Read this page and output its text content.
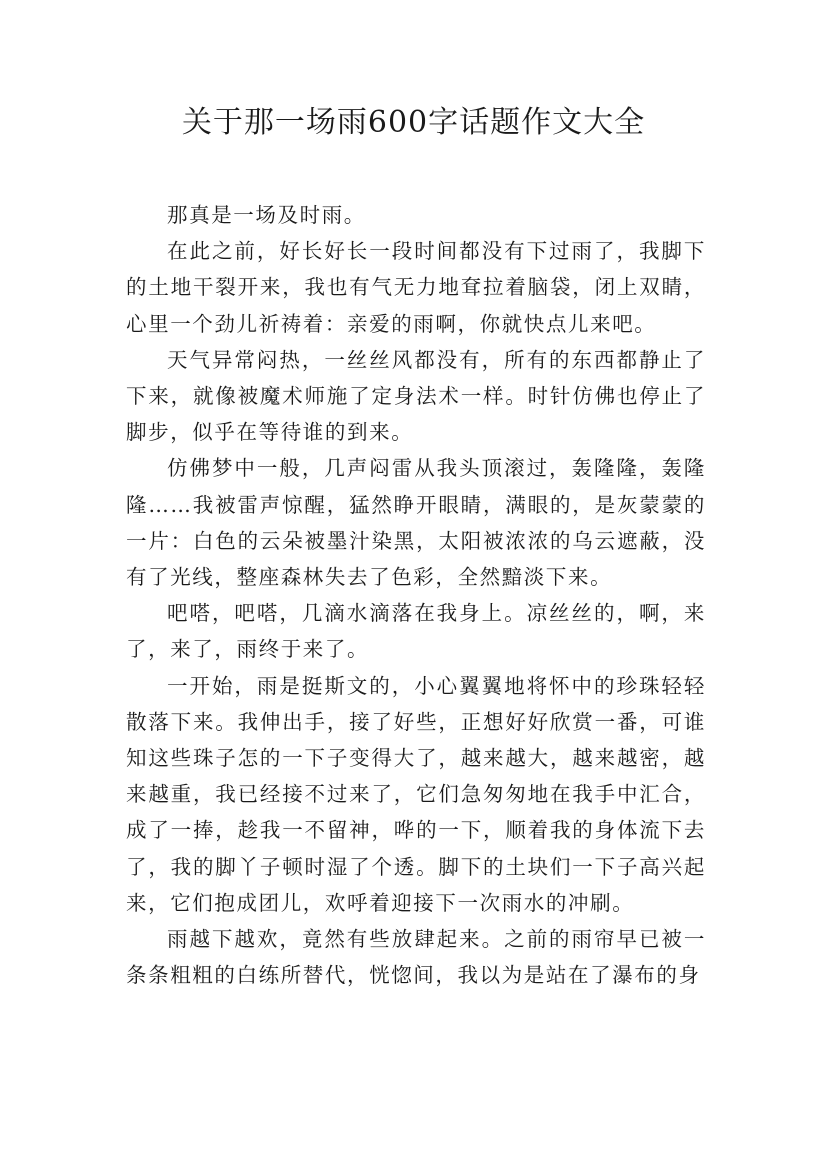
关于那一场雨600字话题作文大全

那真是一场及时雨。

在此之前，好长好长一段时间都没有下过雨了，我脚下的土地干裂开来，我也有气无力地耷拉着脑袋，闭上双睛，心里一个劲儿祈祷着：亲爱的雨啊，你就快点儿来吧。

天气异常闷热，一丝丝风都没有，所有的东西都静止了下来，就像被魔术师施了定身法术一样。时针仿佛也停止了脚步，似乎在等待谁的到来。

仿佛梦中一般，几声闷雷从我头顶滚过，轰隆隆，轰隆隆……我被雷声惊醒，猛然睁开眼睛，满眼的，是灰蒙蒙的一片：白色的云朵被墨汁染黑，太阳被浓浓的乌云遮蔽，没有了光线，整座森林失去了色彩，全然黯淡下来。

吧嗒，吧嗒，几滴水滴落在我身上。凉丝丝的，啊，来了，来了，雨终于来了。

一开始，雨是挺斯文的，小心翼翼地将怀中的珍珠轻轻散落下来。我伸出手，接了好些，正想好好欣赏一番，可谁知这些珠子怎的一下子变得大了，越来越大，越来越密，越来越重，我已经接不过来了，它们急匆匆地在我手中汇合，成了一捧，趁我一不留神，哗的一下，顺着我的身体流下去了，我的脚丫子顿时湿了个透。脚下的土块们一下子高兴起来，它们抱成团儿，欢呼着迎接下一次雨水的冲刷。

雨越下越欢，竟然有些放肆起来。之前的雨帘早已被一条条粗粗的白练所替代，恍惚间，我以为是站在了瀑布的身
